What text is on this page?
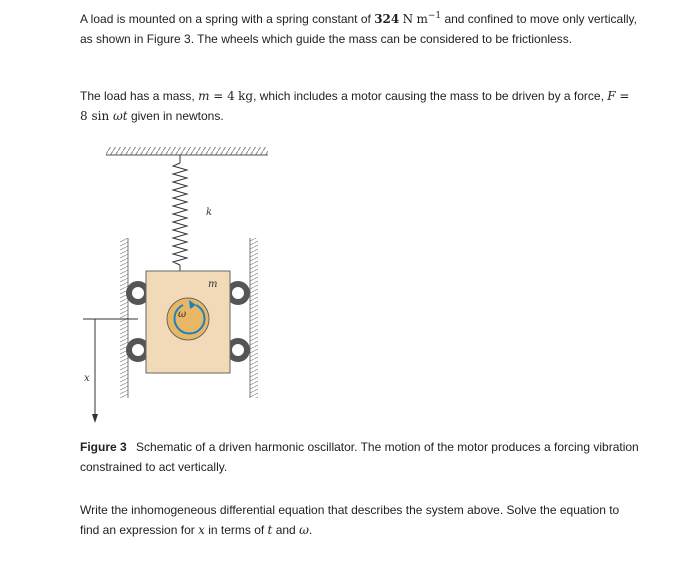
A load is mounted on a spring with a spring constant of 324 N $m^{-1}$ and confined to move only vertically, as shown in Figure 3. The wheels which guide the mass can be considered to be frictionless.

The load has a mass, m = 4 kg, which includes a motor causing the mass to be driven by a force, F = 8 sin ωt given in newtons.

k
m
ω
x

Figure 3 Schematic of a driven harmonic oscillator. The motion of the motor produces a forcing vibration constrained to act vertically.

Write the inhomogeneous differential equation that describes the system above. Solve the equation to find an expression for x in terms of t and ω.
